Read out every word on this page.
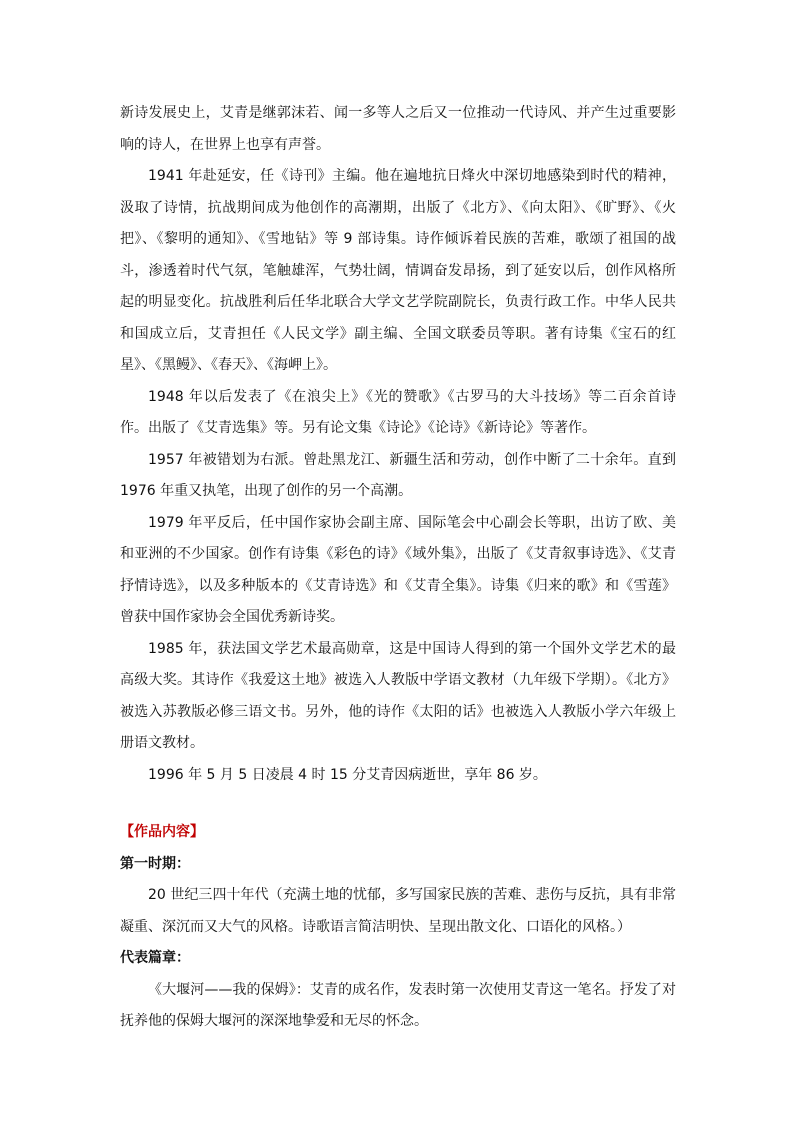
新诗发展史上，艾青是继郭沫若、闻一多等人之后又一位推动一代诗风、并产生过重要影响的诗人，在世界上也享有声誉。

1941 年赴延安，任《诗刊》主编。他在遍地抗日烽火中深切地感染到时代的精神，汲取了诗情，抗战期间成为他创作的高潮期，出版了《北方》、《向太阳》、《旷野》、《火把》、《黎明的通知》、《雪地钻》等 9 部诗集。诗作倾诉着民族的苦难，歌颂了祖国的战斗，渗透着时代气氛，笔触雄浑，气势壮阔，情调奋发昂扬，到了延安以后，创作风格所起的明显变化。抗战胜利后任华北联合大学文艺学院副院长，负责行政工作。中华人民共和国成立后，艾青担任《人民文学》副主编、全国文联委员等职。著有诗集《宝石的红星》、《黑鳗》、《春天》、《海岬上》。

1948 年以后发表了《在浪尖上》《光的赞歌》《古罗马的大斗技场》等二百余首诗作。出版了《艾青选集》等。另有论文集《诗论》《论诗》《新诗论》等著作。

1957 年被错划为右派。曾赴黑龙江、新疆生活和劳动，创作中断了二十余年。直到 1976 年重又执笔，出现了创作的另一个高潮。

1979 年平反后，任中国作家协会副主席、国际笔会中心副会长等职，出访了欧、美和亚洲的不少国家。创作有诗集《彩色的诗》《域外集》，出版了《艾青叙事诗选》、《艾青抒情诗选》，以及多种版本的《艾青诗选》和《艾青全集》。诗集《归来的歌》和《雪莲》曾获中国作家协会全国优秀新诗奖。

1985 年，获法国文学艺术最高勋章，这是中国诗人得到的第一个国外文学艺术的最高级大奖。其诗作《我爱这土地》被选入人教版中学语文教材（九年级下学期）。《北方》被选入苏教版必修三语文书。另外，他的诗作《太阳的话》也被选入人教版小学六年级上册语文教材。

1996 年 5 月 5 日凌晨 4 时 15 分艾青因病逝世，享年 86 岁。

【作品内容】

第一时期：

20 世纪三四十年代（充满土地的忧郁，多写国家民族的苦难、悲伤与反抗，具有非常凝重、深沉而又大气的风格。诗歌语言简洁明快、呈现出散文化、口语化的风格。）

代表篇章：

《大堰河——我的保姆》：艾青的成名作，发表时第一次使用艾青这一笔名。抒发了对抚养他的保姆大堰河的深深地挚爱和无尽的怀念。
